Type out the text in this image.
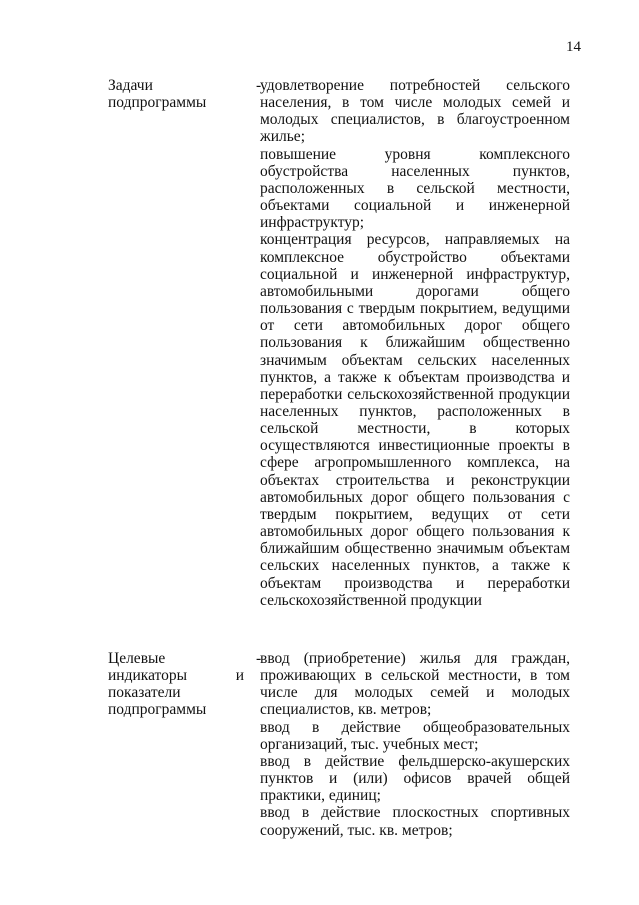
14
Задачи подпрограммы
-

удовлетворение потребностей сельского населения, в том числе молодых семей и молодых специалистов, в благоустроенном жилье;

повышение уровня комплексного обустройства населенных пунктов, расположенных в сельской местности, объектами социальной и инженерной инфраструктур;

концентрация ресурсов, направляемых на комплексное обустройство объектами социальной и инженерной инфраструктур, автомобильными дорогами общего пользования с твердым покрытием, ведущими от сети автомобильных дорог общего пользования к ближайшим общественно значимым объектам сельских населенных пунктов, а также к объектам производства и переработки сельскохозяйственной продукции населенных пунктов, расположенных в сельской местности, в которых осуществляются инвестиционные проекты в сфере агропромышленного комплекса, на объектах строительства и реконструкции автомобильных дорог общего пользования с твердым покрытием, ведущих от сети автомобильных дорог общего пользования к ближайшим общественно значимым объектам сельских населенных пунктов, а также к объектам производства и переработки сельскохозяйственной продукции

Целевые индикаторы и показатели подпрограммы
-

ввод (приобретение) жилья для граждан, проживающих в сельской местности, в том числе для молодых семей и молодых специалистов, кв. метров;

ввод в действие общеобразовательных организаций, тыс. учебных мест;

ввод в действие фельдшерско-акушерских пунктов и (или) офисов врачей общей практики, единиц;

ввод в действие плоскостных спортивных сооружений, тыс. кв. метров;
